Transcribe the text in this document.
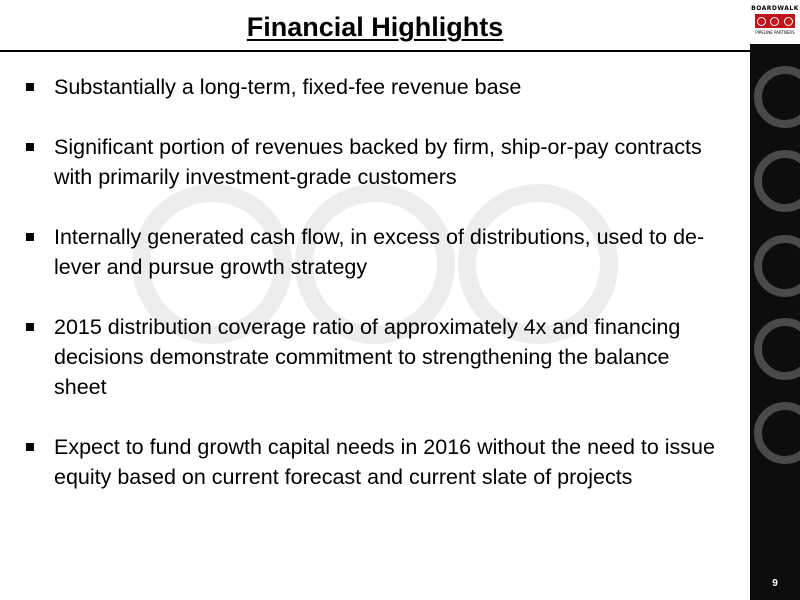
Financial Highlights
Substantially a long-term, fixed-fee revenue base
Significant portion of revenues backed by firm, ship-or-pay contracts with primarily investment-grade customers
Internally generated cash flow, in excess of distributions, used to de-lever and pursue growth strategy
2015 distribution coverage ratio of approximately 4x and financing decisions demonstrate commitment to strengthening the balance sheet
Expect to fund growth capital needs in 2016 without the need to issue equity based on current forecast and current slate of projects
BOARDWALK
PIPELINE PARTNERS
9
